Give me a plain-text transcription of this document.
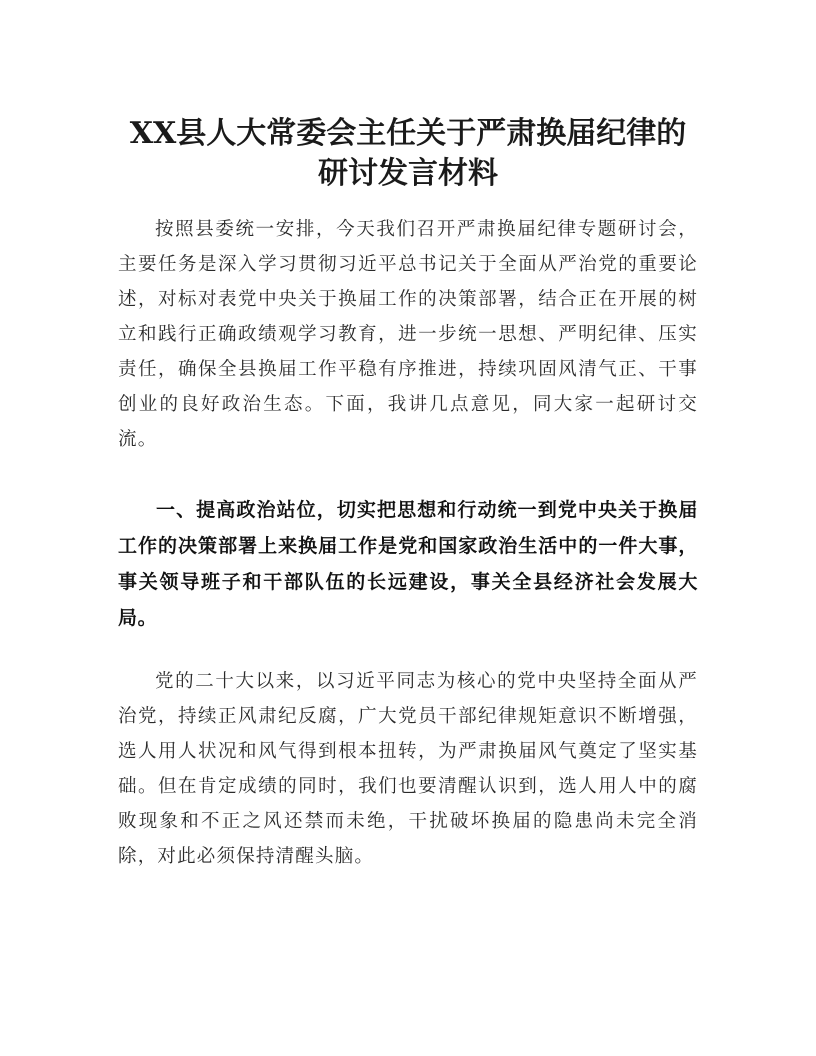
XX县人大常委会主任关于严肃换届纪律的
研讨发言材料

按照县委统一安排，今天我们召开严肃换届纪律专题研讨会，主要任务是深入学习贯彻习近平总书记关于全面从严治党的重要论述，对标对表党中央关于换届工作的决策部署，结合正在开展的树立和践行正确政绩观学习教育，进一步统一思想、严明纪律、压实责任，确保全县换届工作平稳有序推进，持续巩固风清气正、干事创业的良好政治生态。下面，我讲几点意见，同大家一起研讨交流。

一、提高政治站位，切实把思想和行动统一到党中央关于换届工作的决策部署上来换届工作是党和国家政治生活中的一件大事，事关领导班子和干部队伍的长远建设，事关全县经济社会发展大局。

党的二十大以来，以习近平同志为核心的党中央坚持全面从严治党，持续正风肃纪反腐，广大党员干部纪律规矩意识不断增强，选人用人状况和风气得到根本扭转，为严肃换届风气奠定了坚实基础。但在肯定成绩的同时，我们也要清醒认识到，选人用人中的腐败现象和不正之风还禁而未绝，干扰破坏换届的隐患尚未完全消除，对此必须保持清醒头脑。
